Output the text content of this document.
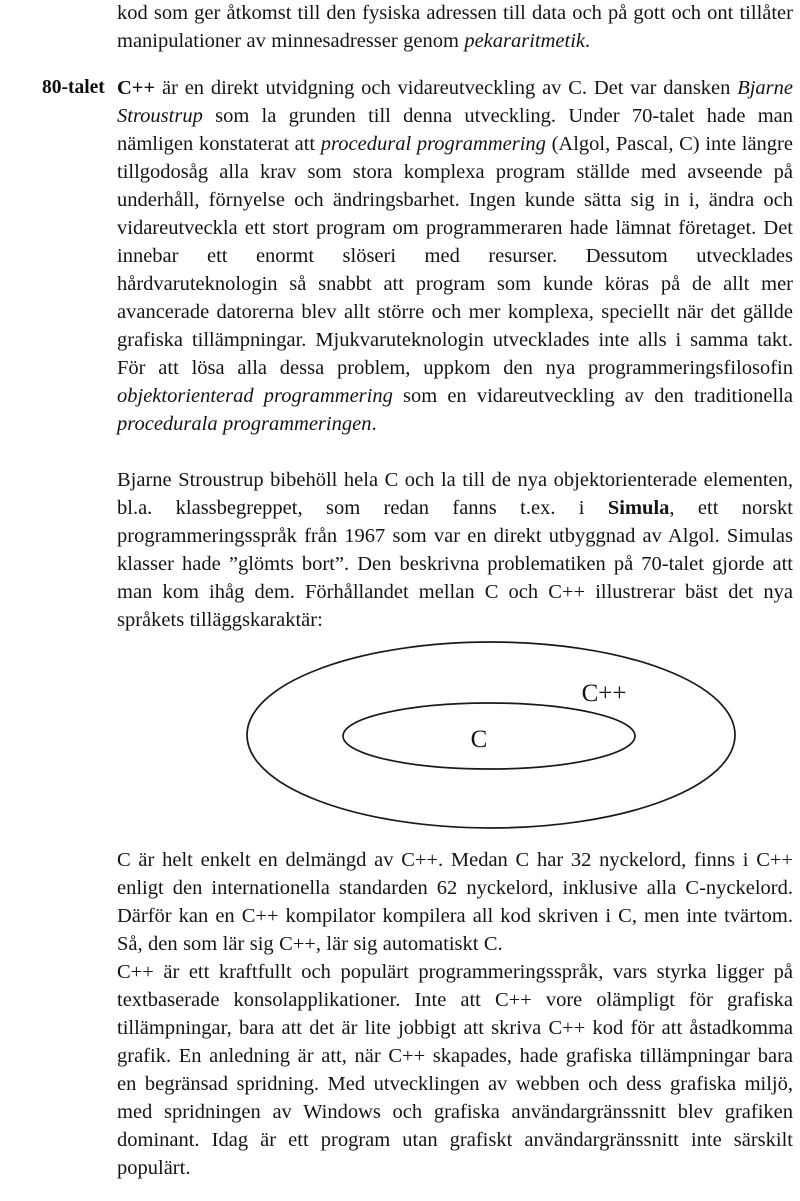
80-talet

kod som ger åtkomst till den fysiska adressen till data och på gott och ont tillåter manipulationer av minnesadresser genom pekararitmetik.

C++ är en direkt utvidgning och vidareutveckling av C. Det var dansken Bjarne Stroustrup som la grunden till denna utveckling. Under 70-talet hade man nämligen konstaterat att procedural programmering (Algol, Pascal, C) inte längre tillgodosåg alla krav som stora komplexa program ställde med avseende på underhåll, förnyelse och ändringsbarhet. Ingen kunde sätta sig in i, ändra och vidareutveckla ett stort program om programmeraren hade lämnat företaget. Det innebar ett enormt slöseri med resurser. Dessutom utvecklades hårdvaruteknologin så snabbt att program som kunde köras på de allt mer avancerade datorerna blev allt större och mer komplexa, speciellt när det gällde grafiska tillämpningar. Mjukvaruteknologin utvecklades inte alls i samma takt. För att lösa alla dessa problem, uppkom den nya programmeringsfilosofin objektorienterad programmering som en vidareutveckling av den traditionella procedurala programmeringen.

Bjarne Stroustrup bibehöll hela C och la till de nya objektorienterade elementen, bl.a. klassbegreppet, som redan fanns t.ex. i Simula, ett norskt programmeringsspråk från 1967 som var en direkt utbyggnad av Algol. Simulas klasser hade ”glömts bort”. Den beskrivna problematiken på 70-talet gjorde att man kom ihåg dem. Förhållandet mellan C och C++ illustrerar bäst det nya språkets tilläggskaraktär:

C++
C

C är helt enkelt en delmängd av C++. Medan C har 32 nyckelord, finns i C++ enligt den internationella standarden 62 nyckelord, inklusive alla C-nyckelord. Därför kan en C++ kompilator kompilera all kod skriven i C, men inte tvärtom. Så, den som lär sig C++, lär sig automatiskt C.

C++ är ett kraftfullt och populärt programmeringsspråk, vars styrka ligger på textbaserade konsolapplikationer. Inte att C++ vore olämpligt för grafiska tillämpningar, bara att det är lite jobbigt att skriva C++ kod för att åstadkomma grafik. En anledning är att, när C++ skapades, hade grafiska tillämpningar bara en begränsad spridning. Med utvecklingen av webben och dess grafiska miljö, med spridningen av Windows och grafiska användargränssnitt blev grafiken dominant. Idag är ett program utan grafiskt användargränssnitt inte särskilt populärt.
